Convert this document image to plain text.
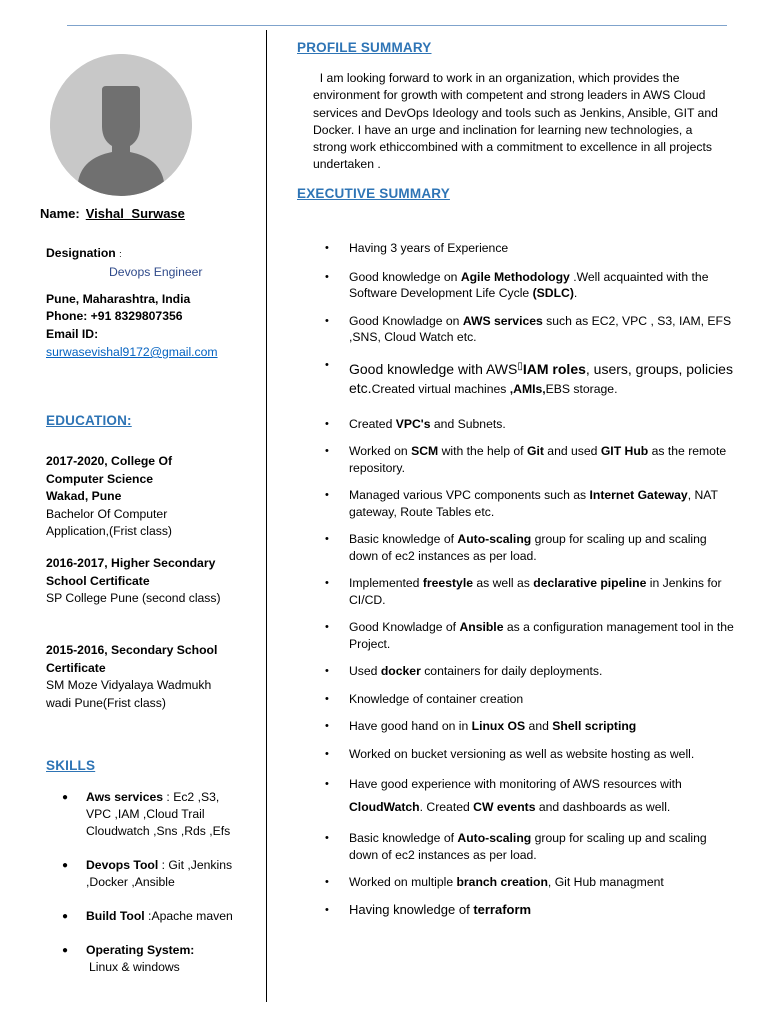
Name: Vishal Surwase
Designation :
Devops Engineer
Pune, Maharashtra, India
Phone: +91 8329807356
Email ID:
surwasevishal9172@gmail.com
EDUCATION:
2017-2020, College Of
Computer Science
Wakad, Pune
Bachelor Of Computer
Application,(Frist class)
2016-2017, Higher Secondary
School Certificate
SP College Pune (second class)
2015-2016, Secondary School
Certificate
SM Moze Vidyalaya Wadmukh
wadi Pune(Frist class)
SKILLS
● Aws services : Ec2 ,S3, VPC ,IAM ,Cloud Trail Cloudwatch ,Sns ,Rds ,Efs
● Devops Tool : Git ,Jenkins ,Docker ,Ansible
● Build Tool :Apache maven
● Operating System:
Linux & windows
PROFILE SUMMARY
I am looking forward to work in an organization, which provides the environment for growth with competent and strong leaders in AWS Cloud services and DevOps Ideology and tools such as Jenkins, Ansible, GIT and Docker. I have an urge and inclination for learning new technologies, a strong work ethiccombined with a commitment to excellence in all projects undertaken .
EXECUTIVE SUMMARY
• Having 3 years of Experience
• Good knowledge on Agile Methodology .Well acquainted with the Software Development Life Cycle (SDLC).
• Good Knowladge on AWS services such as EC2, VPC , S3, IAM, EFS ,SNS, Cloud Watch etc.
• Good knowledge with AWS▯IAM roles, users, groups, policies etc.Created virtual machines ,AMIs,EBS storage.
• Created VPC's and Subnets.
• Worked on SCM with the help of Git and used GIT Hub as the remote repository.
• Managed various VPC components such as Internet Gateway, NAT gateway, Route Tables etc.
• Basic knowledge of Auto-scaling group for scaling up and scaling down of ec2 instances as per load.
• Implemented freestyle as well as declarative pipeline in Jenkins for CI/CD.
• Good Knowladge of Ansible as a configuration management tool in the Project.
• Used docker containers for daily deployments.
• Knowledge of container creation
• Have good hand on in Linux OS and Shell scripting
• Worked on bucket versioning as well as website hosting as well.
• Have good experience with monitoring of AWS resources with
CloudWatch. Created CW events and dashboards as well.
• Basic knowledge of Auto-scaling group for scaling up and scaling down of ec2 instances as per load.
• Worked on multiple branch creation, Git Hub managment
• Having knowledge of terraform
